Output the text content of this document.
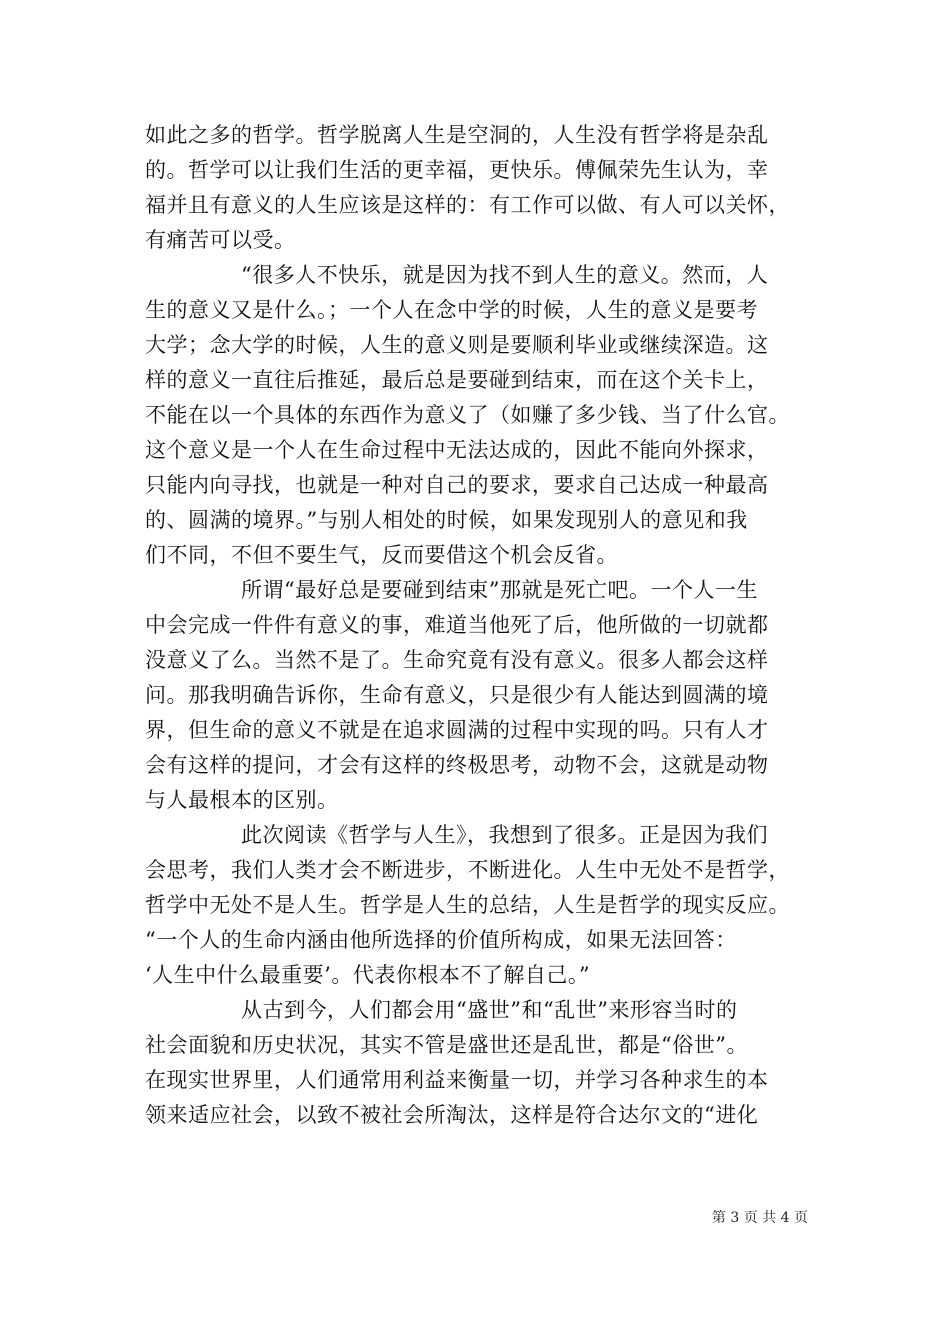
如此之多的哲学。哲学脱离人生是空洞的，人生没有哲学将是杂乱
的。哲学可以让我们生活的更幸福，更快乐。傅佩荣先生认为，幸
福并且有意义的人生应该是这样的：有工作可以做、有人可以关怀，
有痛苦可以受。
“很多人不快乐，就是因为找不到人生的意义。然而，人
生的意义又是什么。；一个人在念中学的时候，人生的意义是要考
大学；念大学的时候，人生的意义则是要顺利毕业或继续深造。这
样的意义一直往后推延，最后总是要碰到结束，而在这个关卡上，
不能在以一个具体的东西作为意义了（如赚了多少钱、当了什么官。
这个意义是一个人在生命过程中无法达成的，因此不能向外探求，
只能内向寻找，也就是一种对自己的要求，要求自己达成一种最高
的、圆满的境界。”与别人相处的时候，如果发现别人的意见和我
们不同，不但不要生气，反而要借这个机会反省。
所谓“最好总是要碰到结束”那就是死亡吧。一个人一生
中会完成一件件有意义的事，难道当他死了后，他所做的一切就都
没意义了么。当然不是了。生命究竟有没有意义。很多人都会这样
问。那我明确告诉你，生命有意义，只是很少有人能达到圆满的境
界，但生命的意义不就是在追求圆满的过程中实现的吗。只有人才
会有这样的提问，才会有这样的终极思考，动物不会，这就是动物
与人最根本的区别。
此次阅读《哲学与人生》，我想到了很多。正是因为我们
会思考，我们人类才会不断进步，不断进化。人生中无处不是哲学，
哲学中无处不是人生。哲学是人生的总结，人生是哲学的现实反应。
“一个人的生命内涵由他所选择的价值所构成，如果无法回答：
‘人生中什么最重要’。代表你根本不了解自己。”
从古到今，人们都会用“盛世”和“乱世”来形容当时的
社会面貌和历史状况，其实不管是盛世还是乱世，都是“俗世”。
在现实世界里，人们通常用利益来衡量一切，并学习各种求生的本
领来适应社会，以致不被社会所淘汰，这样是符合达尔文的“进化
第 3 页 共 4 页
